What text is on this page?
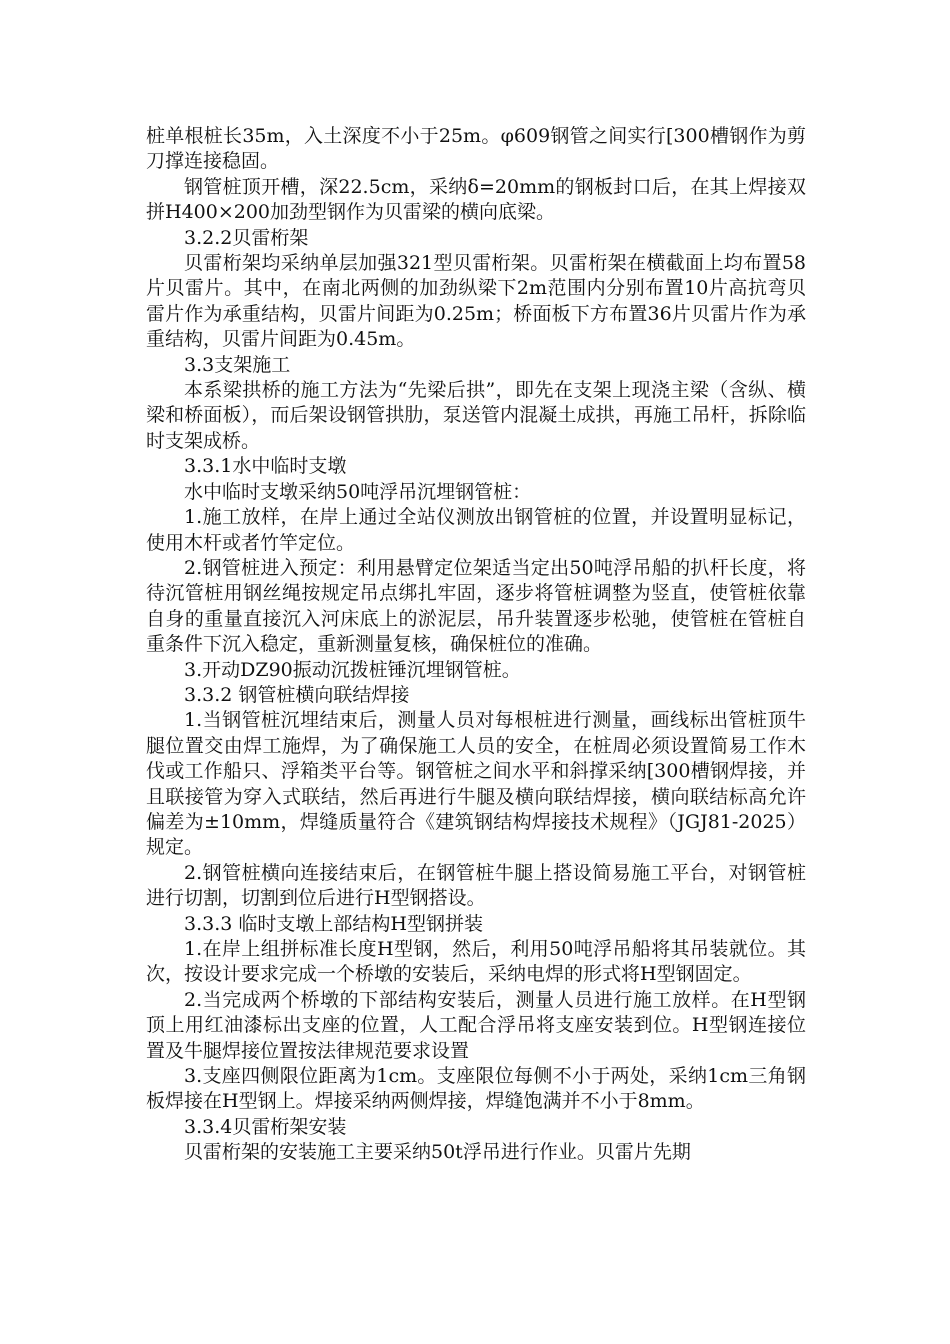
桩单根桩长35m，入土深度不小于25m。φ609钢管之间实行[300槽钢作为剪刀撑连接稳固。

钢管桩顶开槽，深22.5cm，采纳δ=20mm的钢板封口后，在其上焊接双拼H400×200加劲型钢作为贝雷梁的横向底梁。

3.2.2贝雷桁架

贝雷桁架均采纳单层加强321型贝雷桁架。贝雷桁架在横截面上均布置58片贝雷片。其中，在南北两侧的加劲纵梁下2m范围内分别布置10片高抗弯贝雷片作为承重结构，贝雷片间距为0.25m；桥面板下方布置36片贝雷片作为承重结构，贝雷片间距为0.45m。

3.3支架施工

本系梁拱桥的施工方法为“先梁后拱”，即先在支架上现浇主梁（含纵、横梁和桥面板），而后架设钢管拱肋，泵送管内混凝土成拱，再施工吊杆，拆除临时支架成桥。

3.3.1水中临时支墩

水中临时支墩采纳50吨浮吊沉埋钢管桩：

1.施工放样，在岸上通过全站仪测放出钢管桩的位置，并设置明显标记，使用木杆或者竹竿定位。

2.钢管桩进入预定：利用悬臂定位架适当定出50吨浮吊船的扒杆长度，将待沉管桩用钢丝绳按规定吊点绑扎牢固，逐步将管桩调整为竖直，使管桩依靠自身的重量直接沉入河床底上的淤泥层，吊升装置逐步松驰，使管桩在管桩自重条件下沉入稳定，重新测量复核，确保桩位的准确。

3.开动DZ90振动沉拨桩锤沉埋钢管桩。

3.3.2 钢管桩横向联结焊接

1.当钢管桩沉埋结束后，测量人员对每根桩进行测量，画线标出管桩顶牛腿位置交由焊工施焊，为了确保施工人员的安全，在桩周必须设置简易工作木伐或工作船只、浮箱类平台等。钢管桩之间水平和斜撑采纳[300槽钢焊接，并且联接管为穿入式联结，然后再进行牛腿及横向联结焊接，横向联结标高允许偏差为±10mm，焊缝质量符合《建筑钢结构焊接技术规程》（JGJ81-2025）规定。

2.钢管桩横向连接结束后，在钢管桩牛腿上搭设简易施工平台，对钢管桩进行切割，切割到位后进行H型钢搭设。

3.3.3 临时支墩上部结构H型钢拼装

1.在岸上组拼标准长度H型钢，然后，利用50吨浮吊船将其吊装就位。其次，按设计要求完成一个桥墩的安装后，采纳电焊的形式将H型钢固定。

2.当完成两个桥墩的下部结构安装后，测量人员进行施工放样。在H型钢顶上用红油漆标出支座的位置，人工配合浮吊将支座安装到位。H型钢连接位置及牛腿焊接位置按法律规范要求设置

3.支座四侧限位距离为1cm。支座限位每侧不小于两处，采纳1cm三角钢板焊接在H型钢上。焊接采纳两侧焊接，焊缝饱满并不小于8mm。

3.3.4贝雷桁架安装

贝雷桁架的安装施工主要采纳50t浮吊进行作业。贝雷片先期
